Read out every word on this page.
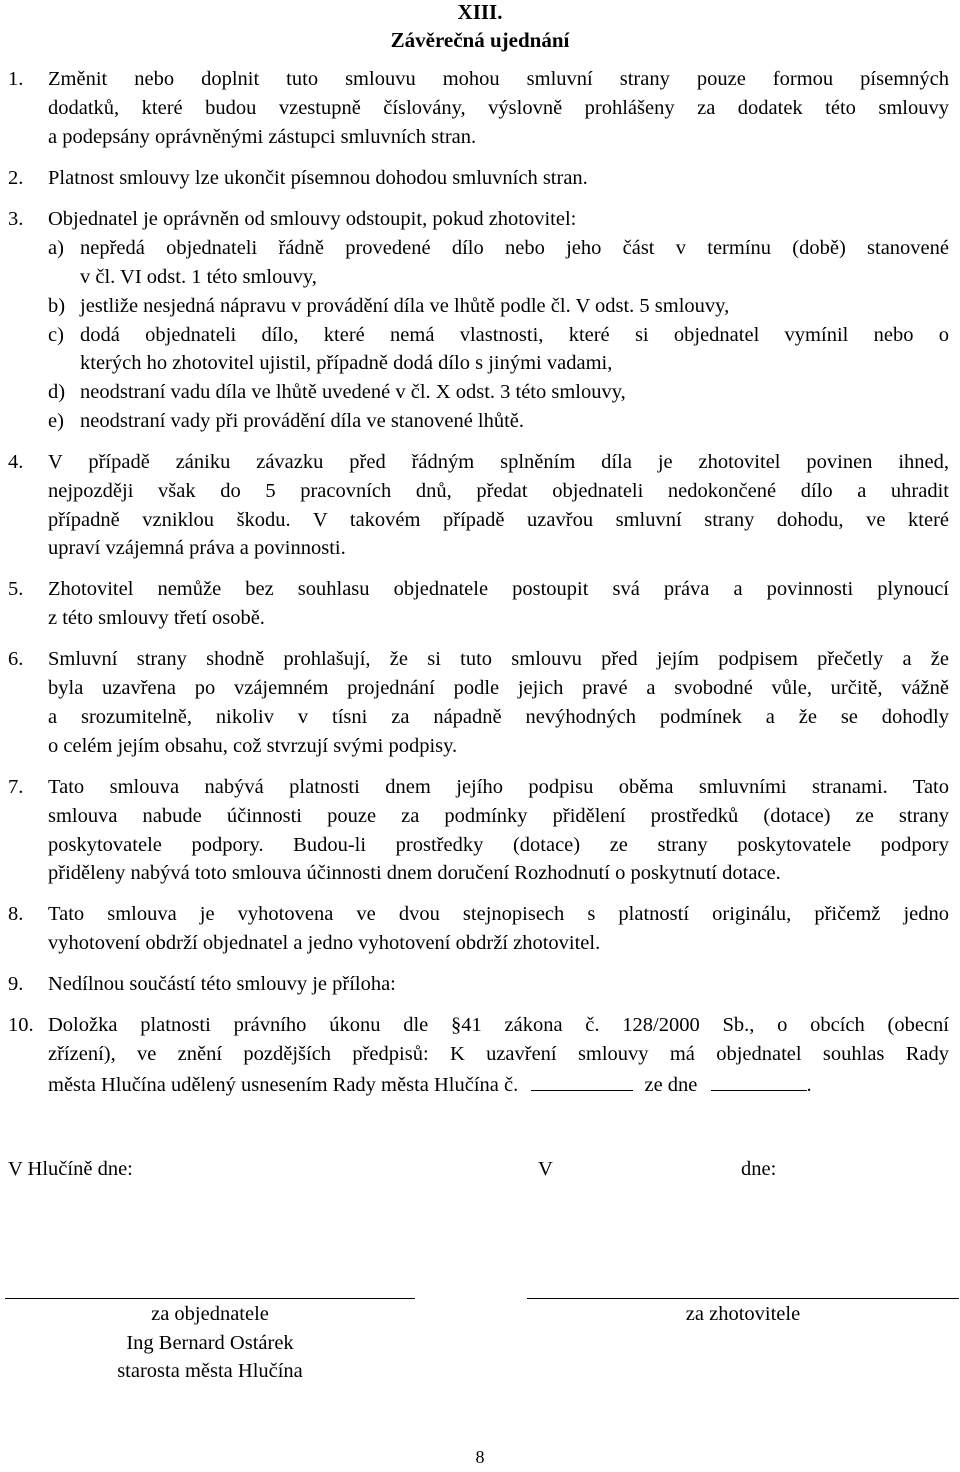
XIII.
Závěrečná ujednání
1. Změnit nebo doplnit tuto smlouvu mohou smluvní strany pouze formou písemných
dodatků, které budou vzestupně číslovány, výslovně prohlášeny za dodatek této smlouvy
a podepsány oprávněnými zástupci smluvních stran.
2. Platnost smlouvy lze ukončit písemnou dohodou smluvních stran.
3. Objednatel je oprávněn od smlouvy odstoupit, pokud zhotovitel:
a) nepředá objednateli řádně provedené dílo nebo jeho část v termínu (době) stanovené
v čl. VI odst. 1 této smlouvy,
b) jestliže nesjedná nápravu v provádění díla ve lhůtě podle čl. V odst. 5 smlouvy,
c) dodá objednateli dílo, které nemá vlastnosti, které si objednatel vymínil nebo o
kterých ho zhotovitel ujistil, případně dodá dílo s jinými vadami,
d) neodstraní vadu díla ve lhůtě uvedené v čl. X odst. 3 této smlouvy,
e) neodstraní vady při provádění díla ve stanovené lhůtě.
4. V případě zániku závazku před řádným splněním díla je zhotovitel povinen ihned,
nejpozději však do 5 pracovních dnů, předat objednateli nedokončené dílo a uhradit
případně vzniklou škodu. V takovém případě uzavřou smluvní strany dohodu, ve které
upraví vzájemná práva a povinnosti.
5. Zhotovitel nemůže bez souhlasu objednatele postoupit svá práva a povinnosti plynoucí
z této smlouvy třetí osobě.
6. Smluvní strany shodně prohlašují, že si tuto smlouvu před jejím podpisem přečetly a že
byla uzavřena po vzájemném projednání podle jejich pravé a svobodné vůle, určitě, vážně
a srozumitelně, nikoliv v tísni za nápadně nevýhodných podmínek a že se dohodly
o celém jejím obsahu, což stvrzují svými podpisy.
7. Tato smlouva nabývá platnosti dnem jejího podpisu oběma smluvními stranami. Tato
smlouva nabude účinnosti pouze za podmínky přidělení prostředků (dotace) ze strany
poskytovatele podpory. Budou-li prostředky (dotace) ze strany poskytovatele podpory
přiděleny nabývá toto smlouva účinnosti dnem doručení Rozhodnutí o poskytnutí dotace.
8. Tato smlouva je vyhotovena ve dvou stejnopisech s platností originálu, přičemž jedno
vyhotovení obdrží objednatel a jedno vyhotovení obdrží zhotovitel.
9. Nedílnou součástí této smlouvy je příloha:
10. Doložka platnosti právního úkonu dle §41 zákona č. 128/2000 Sb., o obcích (obecní
zřízení), ve znění pozdějších předpisů: K uzavření smlouvy má objednatel souhlas Rady
města Hlučína udělený usnesením Rady města Hlučína č.	ze dne	.
V Hlučíně dne:	V	dne:
za objednatele
Ing Bernard Ostárek
starosta města Hlučína
za zhotovitele
8
